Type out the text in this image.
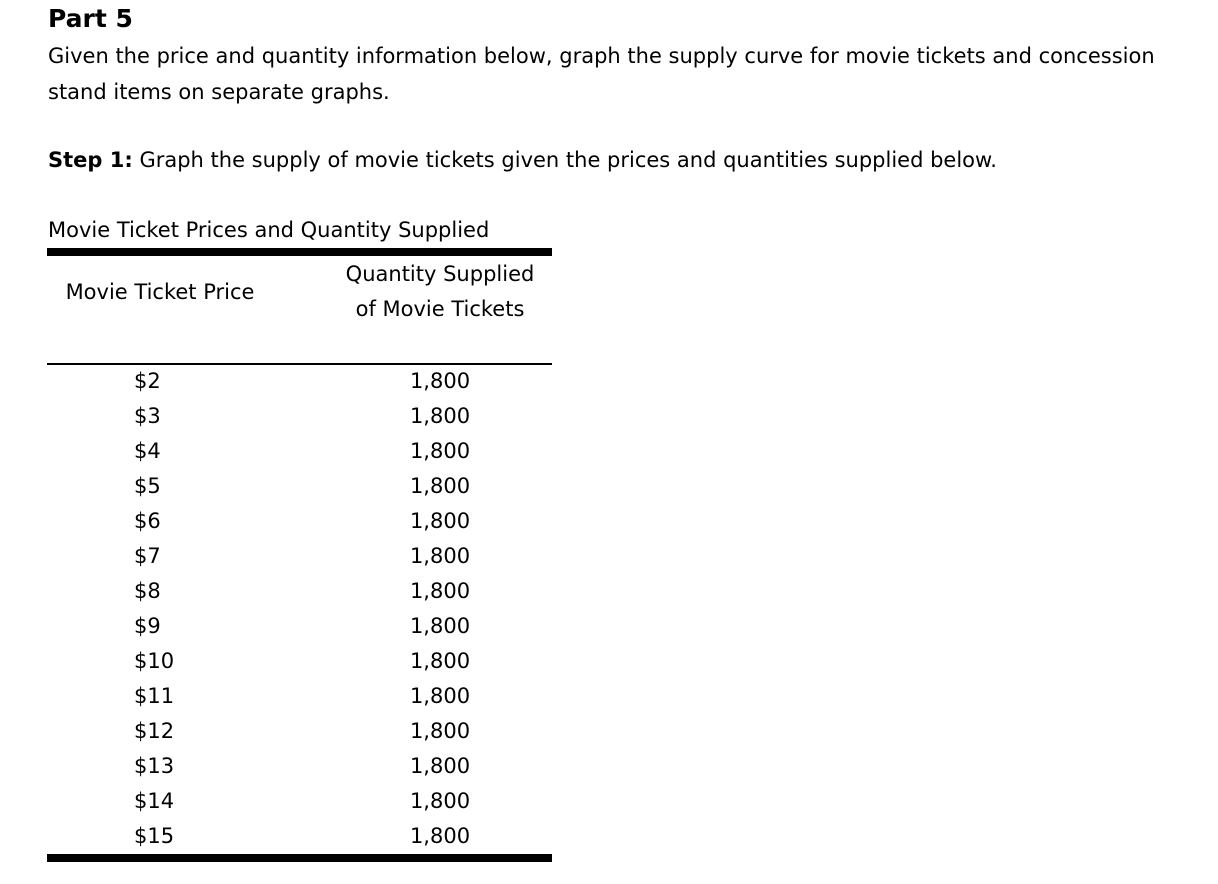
Part 5

Given the price and quantity information below, graph the supply curve for movie tickets and concession stand items on separate graphs.

Step 1: Graph the supply of movie tickets given the prices and quantities supplied below.

Movie Ticket Prices and Quantity Supplied
Movie Ticket Price
Quantity Supplied of Movie Tickets
$2	1,800
$3	1,800
$4	1,800
$5	1,800
$6	1,800
$7	1,800
$8	1,800
$9	1,800
$10	1,800
$11	1,800
$12	1,800
$13	1,800
$14	1,800
$15	1,800
